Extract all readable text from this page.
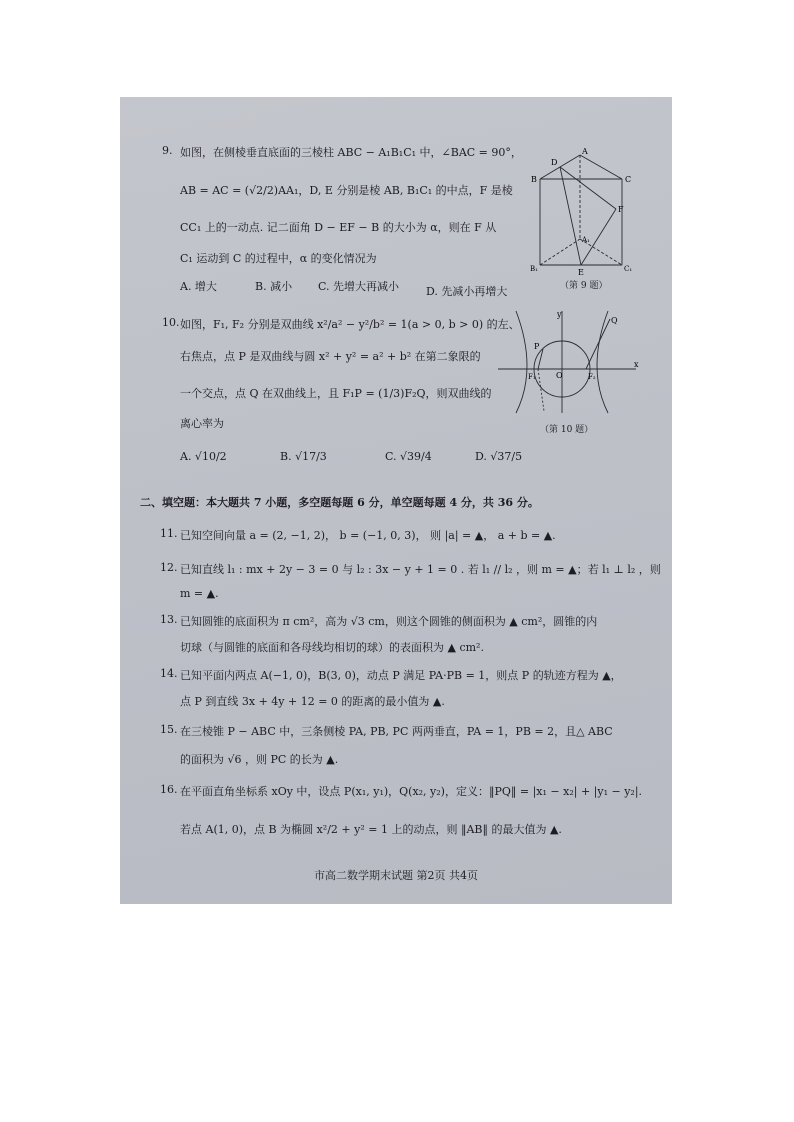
9. 如图，在侧棱垂直底面的三棱柱 ABC − A₁B₁C₁ 中，∠BAC = 90°，
AB = AC = (√2/2)AA₁，D, E 分别是棱 AB, B₁C₁ 的中点，F 是棱
CC₁ 上的一动点. 记二面角 D − EF − B 的大小为 α，则在 F 从
C₁ 运动到 C 的过程中，α 的变化情况为
A. 增大	B. 减小 C. 先增大再减小 D. 先减小再增大
A
B	C
D
A₁
B₁	C₁
E
F
（第 9 题）
10. 如图，F₁, F₂ 分别是双曲线 x²/a² − y²/b² = 1(a > 0, b > 0) 的左、
右焦点，点 P 是双曲线与圆 x² + y² = a² + b² 在第二象限的
一个交点，点 Q 在双曲线上，且 F₁P = (1/3)F₂Q，则双曲线的
离心率为
A. √10/2	B. √17/3	C. √39/4	D. √37/5
x
y
O
P
Q
F₁	F₂
（第 10 题）
二、填空题：本大题共 7 小题，多空题每题 6 分，单空题每题 4 分，共 36 分。
11. 已知空间向量 a = (2, −1, 2)， b = (−1, 0, 3)， 则 |a| = ▲， a + b = ▲.
12. 已知直线 l₁ : mx + 2y − 3 = 0 与 l₂ : 3x − y + 1 = 0 . 若 l₁ // l₂ ，则 m = ▲；若 l₁ ⊥ l₂ ，则
m = ▲.
13. 已知圆锥的底面积为 π cm²，高为 √3 cm，则这个圆锥的侧面积为 ▲ cm²，圆锥的内
切球（与圆锥的底面和各母线均相切的球）的表面积为 ▲ cm².
14. 已知平面内两点 A(−1, 0)，B(3, 0)，动点 P 满足 PA·PB = 1，则点 P 的轨迹方程为 ▲，
点 P 到直线 3x + 4y + 12 = 0 的距离的最小值为 ▲.
15. 在三棱锥 P − ABC 中，三条侧棱 PA, PB, PC 两两垂直，PA = 1，PB = 2，且△ ABC
的面积为 √6 ，则 PC 的长为 ▲.
16. 在平面直角坐标系 xOy 中，设点 P(x₁, y₁)，Q(x₂, y₂)，定义：‖PQ‖ = |x₁ − x₂| + |y₁ − y₂|.
若点 A(1, 0)，点 B 为椭圆 x²/2 + y² = 1 上的动点，则 ‖AB‖ 的最大值为 ▲.
市高二数学期末试题 第2页 共4页
